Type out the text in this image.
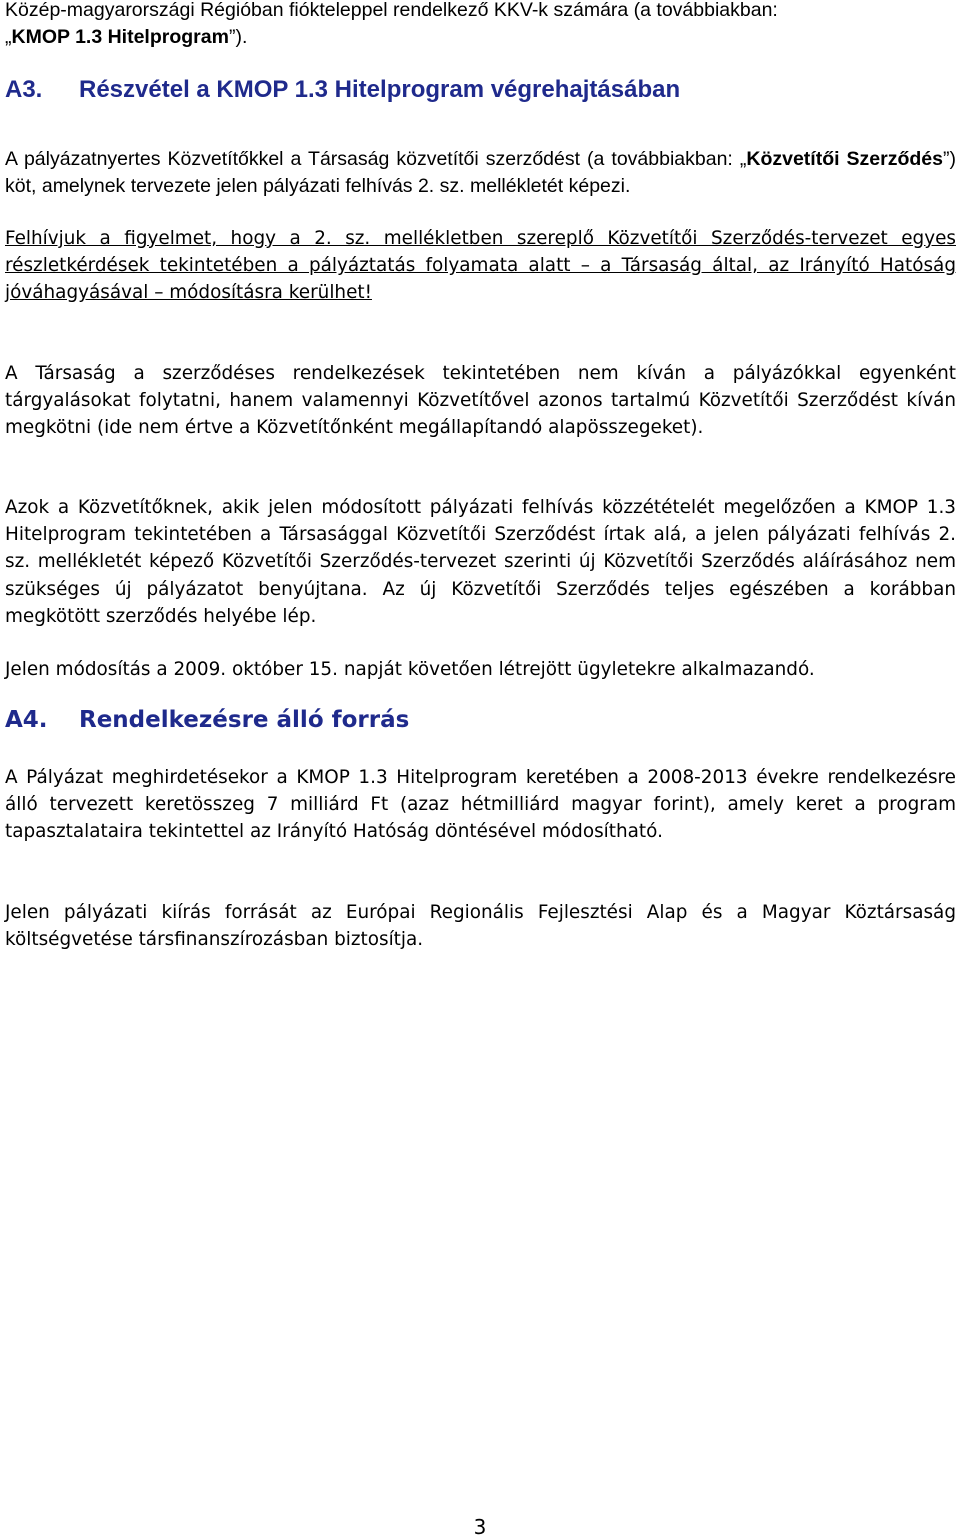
Közép-magyarországi Régióban fiókteleppel rendelkező KKV-k számára (a továbbiakban:
„KMOP 1.3 Hitelprogram”).

A3. Részvétel a KMOP 1.3 Hitelprogram végrehajtásában

A pályázatnyertes Közvetítőkkel a Társaság közvetítői szerződést (a továbbiakban: „Közvetítői Szerződés”) köt, amelynek tervezete jelen pályázati felhívás 2. sz. mellékletét képezi.

Felhívjuk a figyelmet, hogy a 2. sz. mellékletben szereplő Közvetítői Szerződés-tervezet egyes részletkérdések tekintetében a pályáztatás folyamata alatt – a Társaság által, az Irányító Hatóság jóváhagyásával – módosításra kerülhet!

A Társaság a szerződéses rendelkezések tekintetében nem kíván a pályázókkal egyenként tárgyalásokat folytatni, hanem valamennyi Közvetítővel azonos tartalmú Közvetítői Szerződést kíván megkötni (ide nem értve a Közvetítőnként megállapítandó alapösszegeket).

Azok a Közvetítőknek, akik jelen módosított pályázati felhívás közzétételét megelőzően a KMOP 1.3 Hitelprogram tekintetében a Társasággal Közvetítői Szerződést írtak alá, a jelen pályázati felhívás 2. sz. mellékletét képező Közvetítői Szerződés-tervezet szerinti új Közvetítői Szerződés aláírásához nem szükséges új pályázatot benyújtana. Az új Közvetítői Szerződés teljes egészében a korábban megkötött szerződés helyébe lép.

Jelen módosítás a 2009. október 15. napját követően létrejött ügyletekre alkalmazandó.

A4. Rendelkezésre álló forrás

A Pályázat meghirdetésekor a KMOP 1.3 Hitelprogram keretében a 2008-2013 évekre rendelkezésre álló tervezett keretösszeg 7 milliárd Ft (azaz hétmilliárd magyar forint), amely keret a program tapasztalataira tekintettel az Irányító Hatóság döntésével módosítható.

Jelen pályázati kiírás forrását az Európai Regionális Fejlesztési Alap és a Magyar Köztársaság költségvetése társfinanszírozásban biztosítja.

3
